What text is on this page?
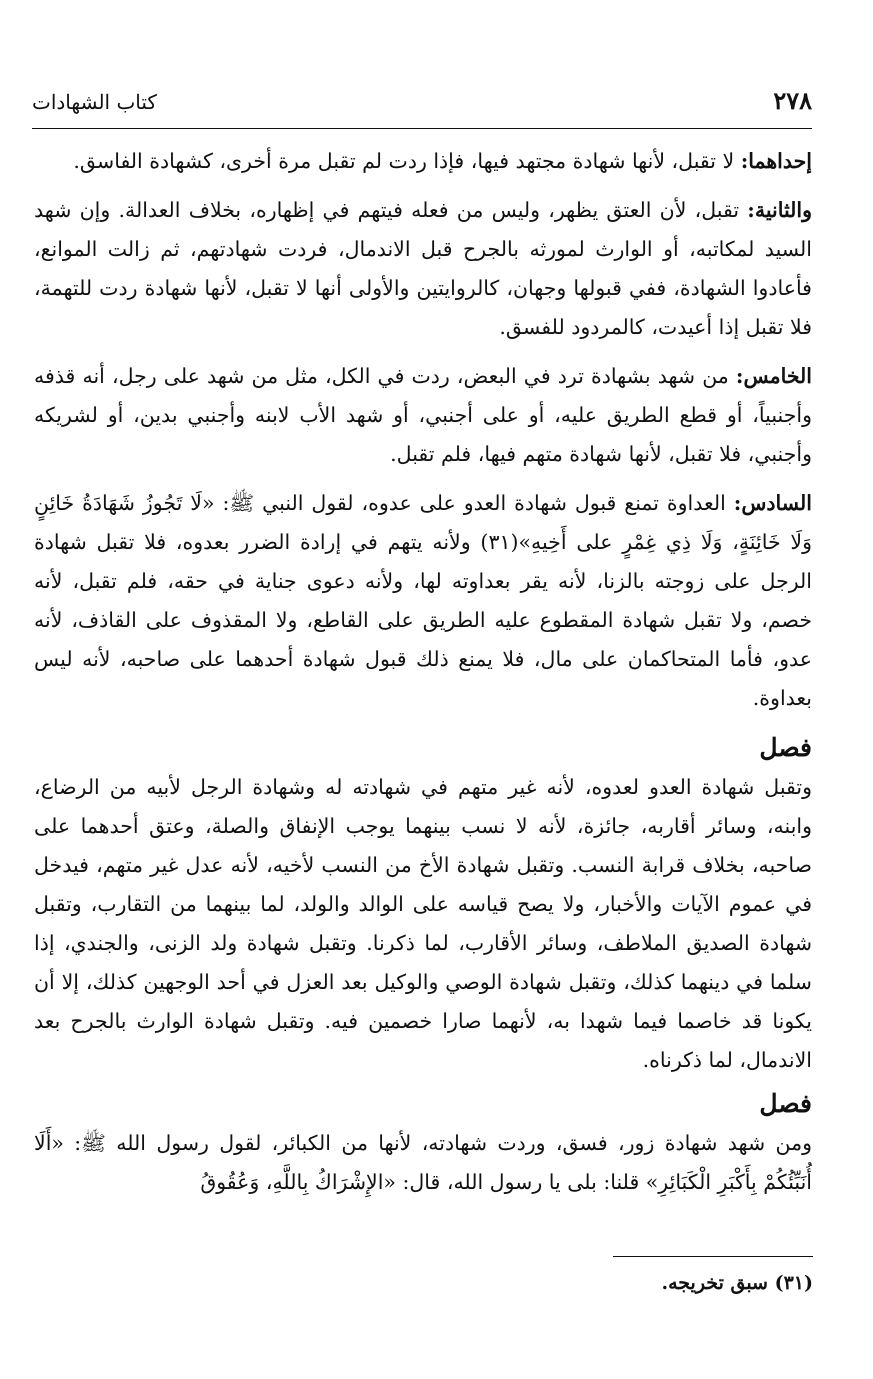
٢٧٨
كتاب الشهادات

إحداهما: لا تقبل، لأنها شهادة مجتهد فيها، فإذا ردت لم تقبل مرة أخرى، كشهادة الفاسق.

والثانية: تقبل، لأن العتق يظهر، وليس من فعله فيتهم في إظهاره، بخلاف العدالة. وإن شهد السيد لمكاتبه، أو الوارث لمورثه بالجرح قبل الاندمال، فردت شهادتهم، ثم زالت الموانع، فأعادوا الشهادة، ففي قبولها وجهان، كالروايتين والأولى أنها لا تقبل، لأنها شهادة ردت للتهمة، فلا تقبل إذا أعيدت، كالمردود للفسق.

الخامس: من شهد بشهادة ترد في البعض، ردت في الكل، مثل من شهد على رجل، أنه قذفه وأجنبياً، أو قطع الطريق عليه، أو على أجنبي، أو شهد الأب لابنه وأجنبي بدين، أو لشريكه وأجنبي، فلا تقبل، لأنها شهادة متهم فيها، فلم تقبل.

السادس: العداوة تمنع قبول شهادة العدو على عدوه، لقول النبي ﷺ: «لَا تَجُوزُ شَهَادَةُ خَائِنٍ وَلَا خَائِنَةٍ، وَلَا ذِي غِمْرٍ على أَخِيهِ»(٣١) ولأنه يتهم في إرادة الضرر بعدوه، فلا تقبل شهادة الرجل على زوجته بالزنا، لأنه يقر بعداوته لها، ولأنه دعوى جناية في حقه، فلم تقبل، لأنه خصم، ولا تقبل شهادة المقطوع عليه الطريق على القاطع، ولا المقذوف على القاذف، لأنه عدو، فأما المتحاكمان على مال، فلا يمنع ذلك قبول شهادة أحدهما على صاحبه، لأنه ليس بعداوة.

فصل

وتقبل شهادة العدو لعدوه، لأنه غير متهم في شهادته له وشهادة الرجل لأبيه من الرضاع، وابنه، وسائر أقاربه، جائزة، لأنه لا نسب بينهما يوجب الإنفاق والصلة، وعتق أحدهما على صاحبه، بخلاف قرابة النسب. وتقبل شهادة الأخ من النسب لأخيه، لأنه عدل غير متهم، فيدخل في عموم الآيات والأخبار، ولا يصح قياسه على الوالد والولد، لما بينهما من التقارب، وتقبل شهادة الصديق الملاطف، وسائر الأقارب، لما ذكرنا. وتقبل شهادة ولد الزنى، والجندي، إذا سلما في دينهما كذلك، وتقبل شهادة الوصي والوكيل بعد العزل في أحد الوجهين كذلك، إلا أن يكونا قد خاصما فيما شهدا به، لأنهما صارا خصمين فيه. وتقبل شهادة الوارث بالجرح بعد الاندمال، لما ذكرناه.

فصل

ومن شهد شهادة زور، فسق، وردت شهادته، لأنها من الكبائر، لقول رسول الله ﷺ: «أَلَا أُنَبِّئُكُمْ بِأَكْبَرِ الْكَبَائِرِ» قلنا: بلى يا رسول الله، قال: «الإِشْرَاكُ بِاللَّهِ، وَعُقُوقُ

(٣١) سبق تخريجه.
